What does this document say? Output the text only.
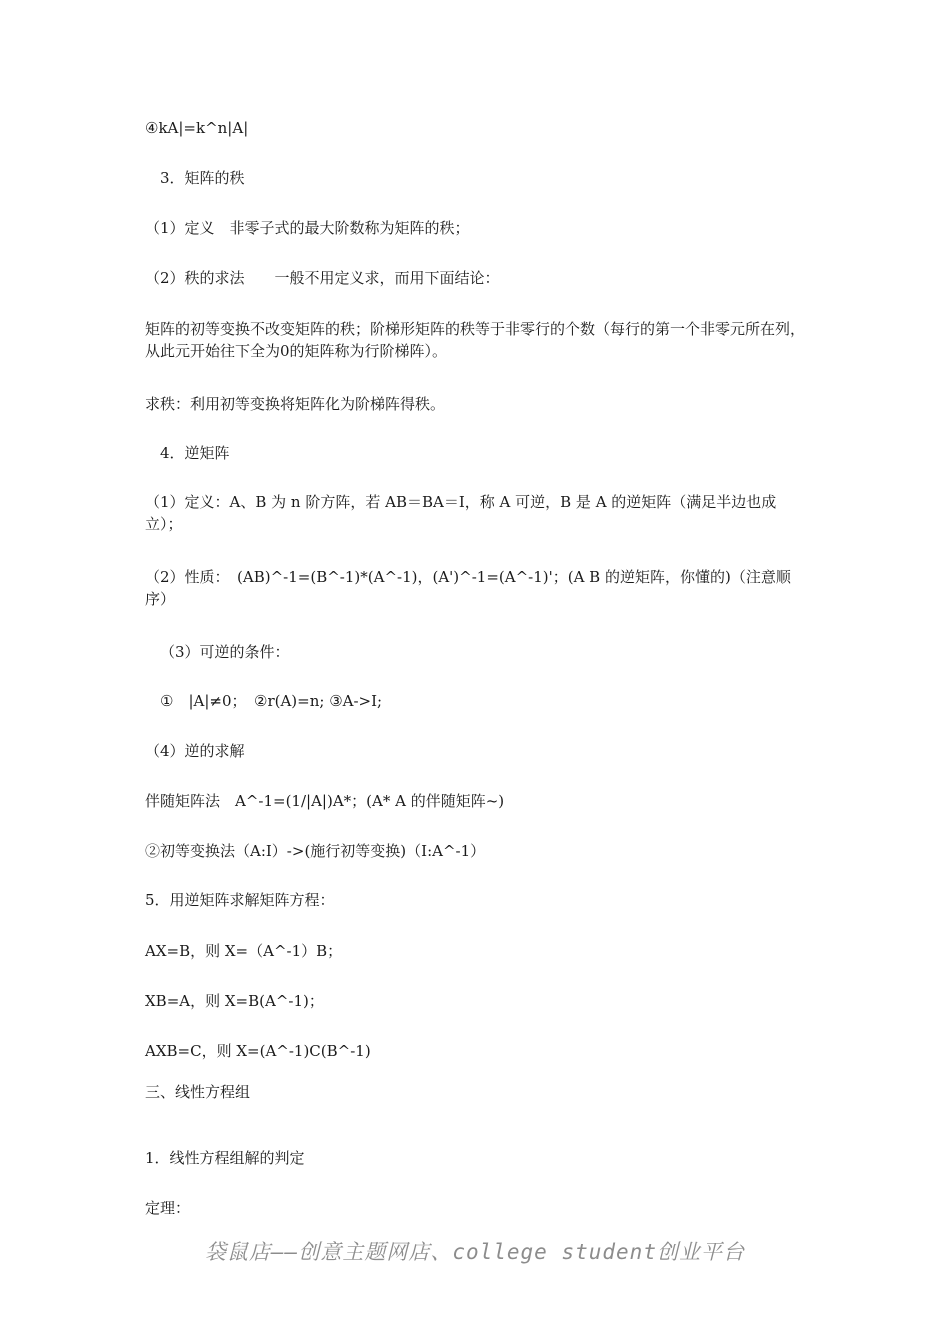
④kA|=k^n|A|
3．矩阵的秩
（1）定义　非零子式的最大阶数称为矩阵的秩；
（2）秩的求法　　一般不用定义求，而用下面结论：
矩阵的初等变换不改变矩阵的秩；阶梯形矩阵的秩等于非零行的个数（每行的第一个非零元所在列，从此元开始往下全为0的矩阵称为行阶梯阵）。
求秩：利用初等变换将矩阵化为阶梯阵得秩。
4．逆矩阵
（1）定义：A、B 为 n 阶方阵，若 AB＝BA＝I，称 A 可逆，B 是 A 的逆矩阵（满足半边也成立）；
（2）性质：　(AB)^-1=(B^-1)*(A^-1)，(A')^-1=(A^-1)'；(A B 的逆矩阵，你懂的)（注意顺序）
（3）可逆的条件：
①　|A|≠0；　②r(A)=n; ③A->I;
（4）逆的求解
伴随矩阵法　A^-1=(1/|A|)A*；(A* A 的伴随矩阵~)
②初等变换法（A:I）->(施行初等变换)（I:A^-1）
5．用逆矩阵求解矩阵方程：
AX=B，则 X=（A^-1）B；
XB=A，则 X=B(A^-1)；
AXB=C，则 X=(A^-1)C(B^-1)
三、线性方程组
1．线性方程组解的判定
定理：
袋鼠店——创意主题网店、college student创业平台
